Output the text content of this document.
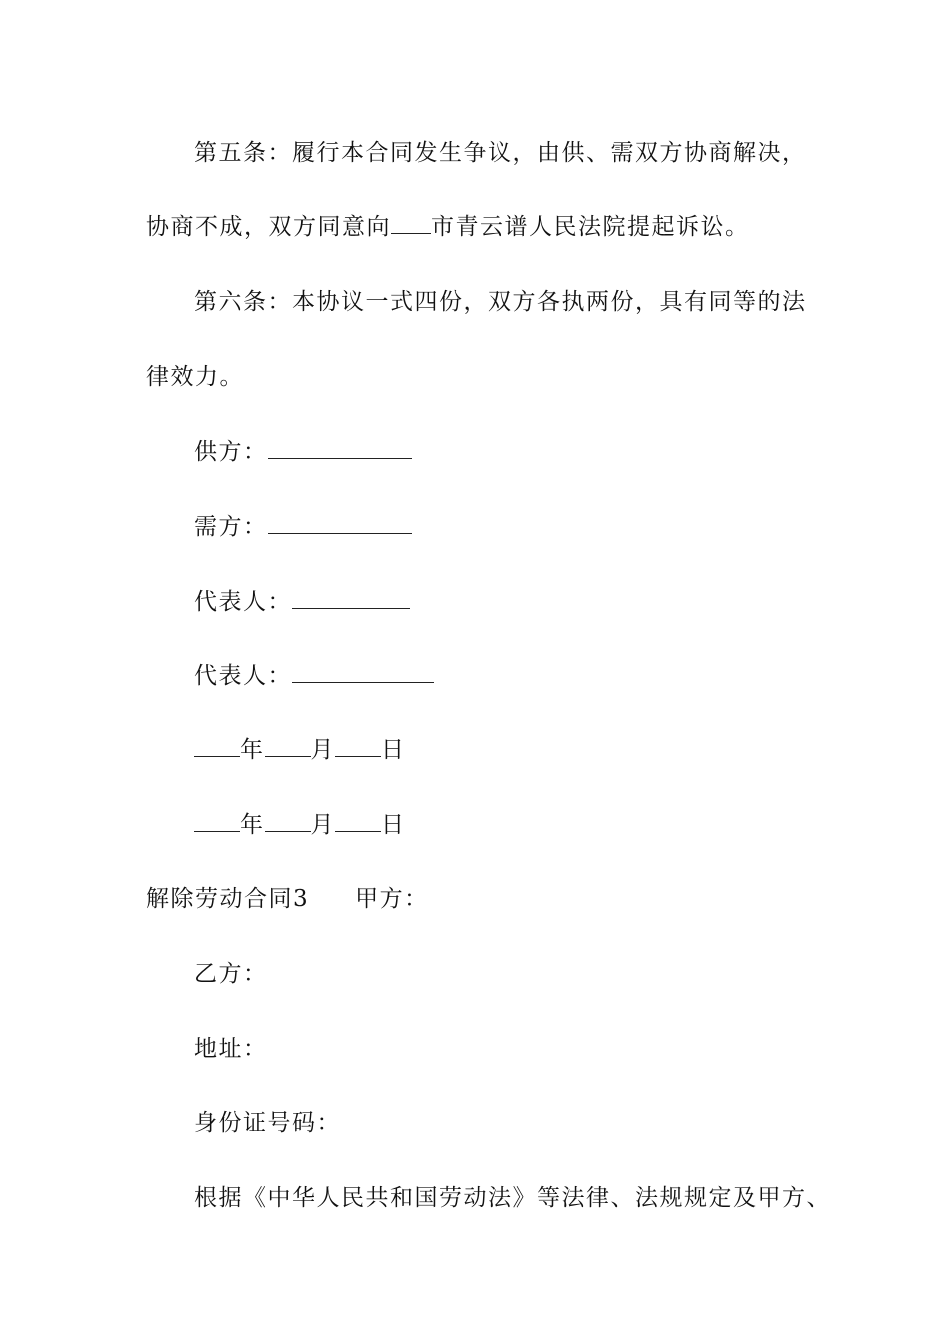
第五条：履行本合同发生争议，由供、需双方协商解决，
协商不成，双方同意向 市青云谱人民法院提起诉讼。
第六条：本协议一式四份，双方各执两份，具有同等的法
律效力。
供方：
需方：
代表人：
代表人：
年 月 日
年 月 日
解除劳动合同3 甲方：
乙方：
地址：
身份证号码：
根据《中华人民共和国劳动法》等法律、法规规定及甲方、
